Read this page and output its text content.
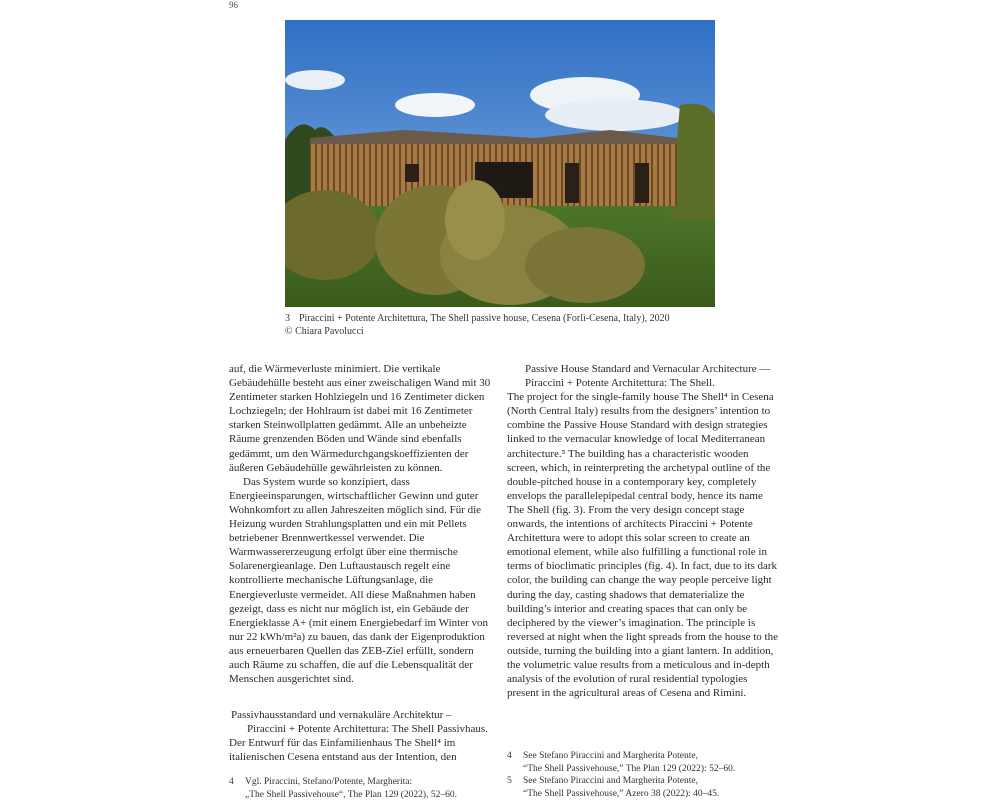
96
3 Piraccini + Potente Architettura, The Shell passive house, Cesena (Forlì-Cesena, Italy), 2020
© Chiara Pavolucci

auf, die Wärmeverluste minimiert. Die vertikale Gebäudehülle besteht aus einer zweischaligen Wand mit 30 Zentimeter starken Hohlziegeln und 16 Zentimeter dicken Lochziegeln; der Hohlraum ist dabei mit 16 Zentimeter starken Steinwollplatten gedämmt. Alle an unbeheizte Räume grenzenden Böden und Wände sind ebenfalls gedämmt, um den Wärmedurchgangskoeffizienten der äußeren Gebäudehülle gewährleisten zu können.

Das System wurde so konzipiert, dass Energieeinsparungen, wirtschaftlicher Gewinn und guter Wohnkomfort zu allen Jahreszeiten möglich sind. Für die Heizung wurden Strahlungsplatten und ein mit Pellets betriebener Brennwertkessel verwendet. Die Warmwassererzeugung erfolgt über eine thermische Solarenergieanlage. Den Luftaustausch regelt eine kontrollierte mechanische Lüftungsanlage, die Energieverluste vermeidet. All diese Maßnahmen haben gezeigt, dass es nicht nur möglich ist, ein Gebäude der Energieklasse A+ (mit einem Energiebedarf im Winter von nur 22 kWh/m²a) zu bauen, das dank der Eigenproduktion aus erneuerbaren Quellen das ZEB-Ziel erfüllt, sondern auch Räume zu schaffen, die auf die Lebensqualität der Menschen ausgerichtet sind.

Passivhausstandard und vernakuläre Architektur – Piraccini + Potente Architettura: The Shell Passivhaus.

Der Entwurf für das Einfamilienhaus The Shell⁴ im italienischen Cesena entstand aus der Intention, den

Passive House Standard and Vernacular Architecture — Piraccini + Potente Architettura: The Shell.

The project for the single-family house The Shell⁴ in Cesena (North Central Italy) results from the designers’ intention to combine the Passive House Standard with design strategies linked to the vernacular knowledge of local Mediterranean architecture.⁵ The building has a characteristic wooden screen, which, in reinterpreting the archetypal outline of the double-pitched house in a contemporary key, completely envelops the parallelepipedal central body, hence its name The Shell (fig. 3). From the very design concept stage onwards, the intentions of architects Piraccini + Potente Architettura were to adopt this solar screen to create an emotional element, while also fulfilling a functional role in terms of bioclimatic principles (fig. 4). In fact, due to its dark color, the building can change the way people perceive light during the day, casting shadows that dematerialize the building’s interior and creating spaces that can only be deciphered by the viewer’s imagination. The principle is reversed at night when the light spreads from the house to the outside, turning the building into a giant lantern. In addition, the volumetric value results from a meticulous and in-depth analysis of the evolution of rural residential typologies present in the agricultural areas of Cesena and Rimini.

4 Vgl. Piraccini, Stefano/Potente, Margherita:
„The Shell Passivehouse“, The Plan 129 (2022), 52–60.
4 See Stefano Piraccini and Margherita Potente,
“The Shell Passivehouse,” The Plan 129 (2022): 52–60.
5 See Stefano Piraccini and Margherita Potente,
“The Shell Passivehouse,” Azero 38 (2022): 40–45.
